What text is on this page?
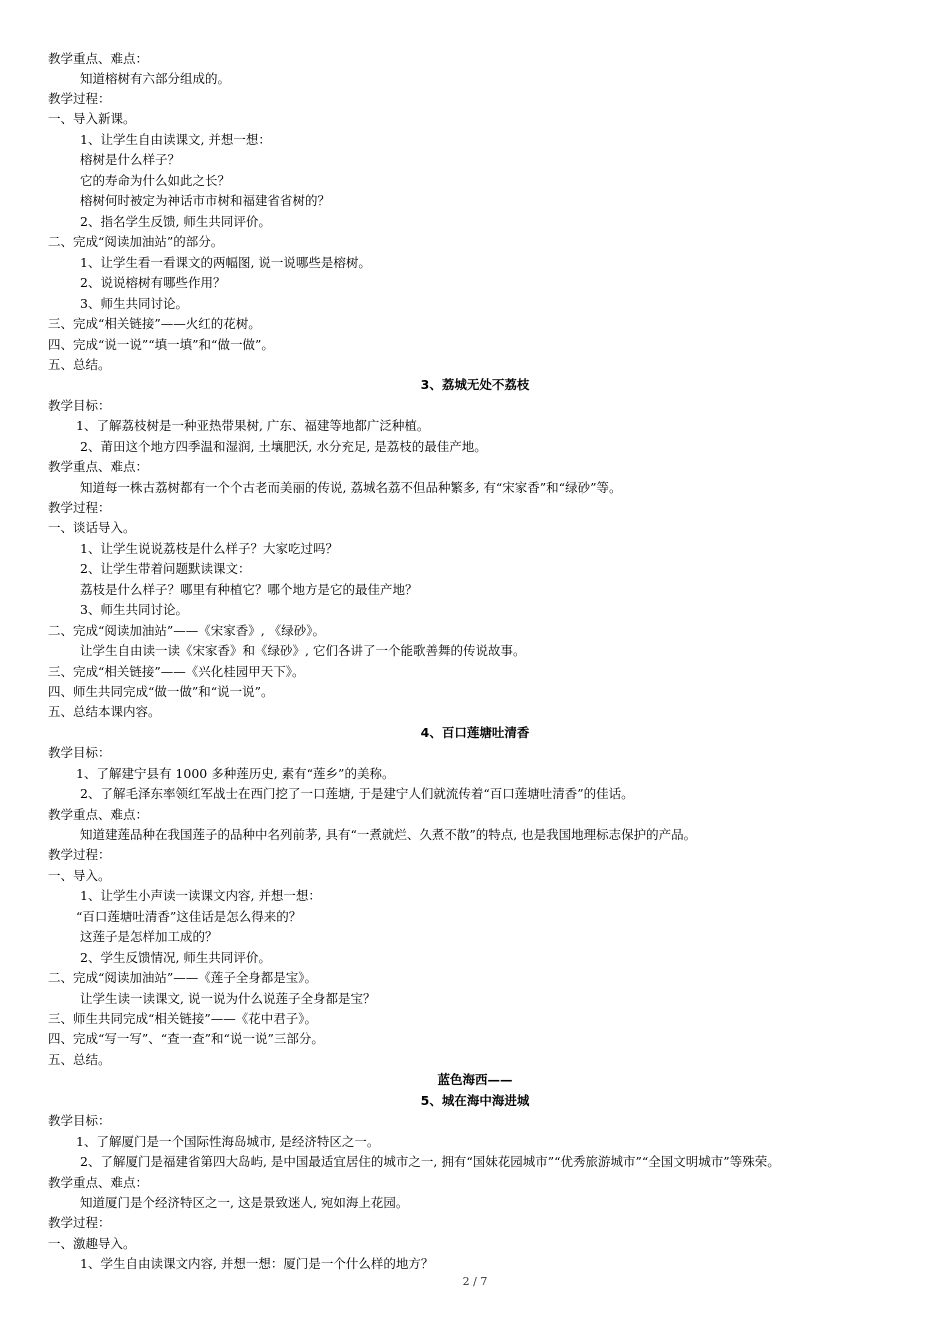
教学重点、难点：
知道榕树有六部分组成的。
教学过程：
一、导入新课。
1、让学生自由读课文, 并想一想：
榕树是什么样子？
它的寿命为什么如此之长？
榕树何时被定为神话市市树和福建省省树的？
2、指名学生反馈, 师生共同评价。
二、完成“阅读加油站”的部分。
1、让学生看一看课文的两幅图, 说一说哪些是榕树。
2、说说榕树有哪些作用？
3、师生共同讨论。
三、完成“相关链接”——火红的花树。
四、完成“说一说”“填一填”和“做一做”。
五、总结。
3、荔城无处不荔枝
教学目标：
1、了解荔枝树是一种亚热带果树, 广东、福建等地都广泛种植。
2、莆田这个地方四季温和湿润, 土壤肥沃, 水分充足, 是荔枝的最佳产地。
教学重点、难点：
知道每一株古荔树都有一个个古老而美丽的传说, 荔城名荔不但品种繁多, 有“宋家香”和“绿砂”等。
教学过程：
一、谈话导入。
1、让学生说说荔枝是什么样子？大家吃过吗？
2、让学生带着问题默读课文：
荔枝是什么样子？哪里有种植它？哪个地方是它的最佳产地？
3、师生共同讨论。
二、完成“阅读加油站”——《宋家香》, 《绿砂》。
让学生自由读一读《宋家香》和《绿砂》, 它们各讲了一个能歌善舞的传说故事。
三、完成“相关链接”——《兴化桂园甲天下》。
四、师生共同完成“做一做”和“说一说”。
五、总结本课内容。
4、百口莲塘吐清香
教学目标：
1、了解建宁县有 1000 多种莲历史, 素有“莲乡”的美称。
2、了解毛泽东率领红军战士在西门挖了一口莲塘, 于是建宁人们就流传着“百口莲塘吐清香”的佳话。
教学重点、难点：
知道建莲品种在我国莲子的品种中名列前茅, 具有“一煮就烂、久煮不散”的特点, 也是我国地理标志保护的产品。
教学过程：
一、导入。
1、让学生小声读一读课文内容, 并想一想：
“百口莲塘吐清香”这佳话是怎么得来的？
这莲子是怎样加工成的？
2、学生反馈情况, 师生共同评价。
二、完成“阅读加油站”——《莲子全身都是宝》。
让学生读一读课文, 说一说为什么说莲子全身都是宝？
三、师生共同完成“相关链接”——《花中君子》。
四、完成“写一写”、“查一查”和“说一说”三部分。
五、总结。
蓝色海西——
5、城在海中海进城
教学目标：
1、了解厦门是一个国际性海岛城市, 是经济特区之一。
2、了解厦门是福建省第四大岛屿, 是中国最适宜居住的城市之一, 拥有“国妹花园城市”“优秀旅游城市”“全国文明城市”等殊荣。
教学重点、难点：
知道厦门是个经济特区之一, 这是景致迷人, 宛如海上花园。
教学过程：
一、激趣导入。
1、学生自由读课文内容, 并想一想：厦门是一个什么样的地方？
2 / 7
